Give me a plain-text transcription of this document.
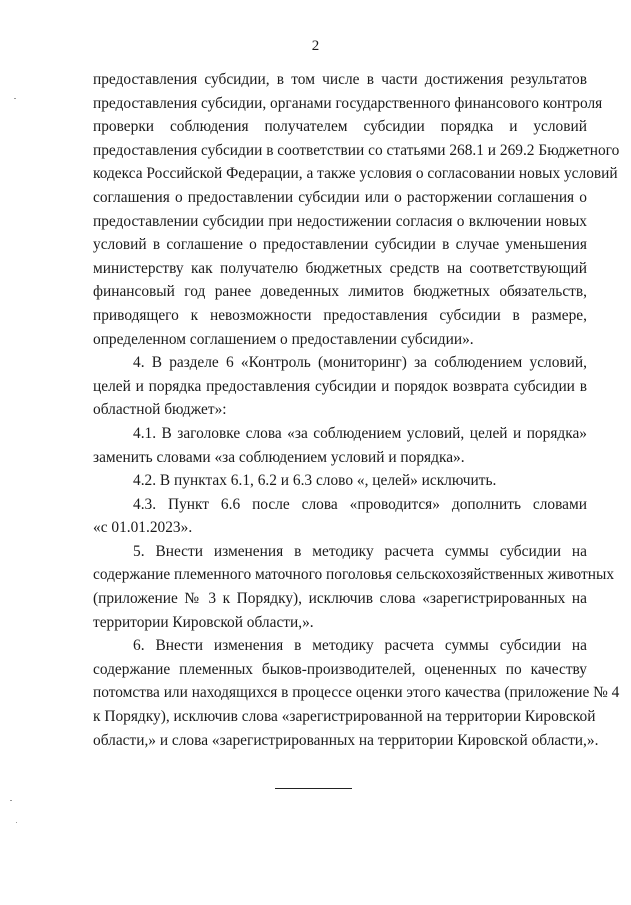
2

предоставления субсидии, в том числе в части достижения результатов
предоставления субсидии, органами государственного финансового контроля
проверки соблюдения получателем субсидии порядка и условий
предоставления субсидии в соответствии со статьями 268.1 и 269.2 Бюджетного
кодекса Российской Федерации, а также условия о согласовании новых условий
соглашения о предоставлении субсидии или о расторжении соглашения о
предоставлении субсидии при недостижении согласия о включении новых
условий в соглашение о предоставлении субсидии в случае уменьшения
министерству как получателю бюджетных средств на соответствующий
финансовый год ранее доведенных лимитов бюджетных обязательств,
приводящего к невозможности предоставления субсидии в размере,
определенном соглашением о предоставлении субсидии».

4. В разделе 6 «Контроль (мониторинг) за соблюдением условий,
целей и порядка предоставления субсидии и порядок возврата субсидии в
областной бюджет»:

4.1. В заголовке слова «за соблюдением условий, целей и порядка»
заменить словами «за соблюдением условий и порядка».

4.2. В пунктах 6.1, 6.2 и 6.3 слово «, целей» исключить.

4.3. Пункт 6.6 после слова «проводится» дополнить словами
«с 01.01.2023».

5. Внести изменения в методику расчета суммы субсидии на
содержание племенного маточного поголовья сельскохозяйственных животных
(приложение № 3 к Порядку), исключив слова «зарегистрированных на
территории Кировской области,».

6. Внести изменения в методику расчета суммы субсидии на
содержание племенных быков-производителей, оцененных по качеству
потомства или находящихся в процессе оценки этого качества (приложение № 4
к Порядку), исключив слова «зарегистрированной на территории Кировской
области,» и слова «зарегистрированных на территории Кировской области,».
